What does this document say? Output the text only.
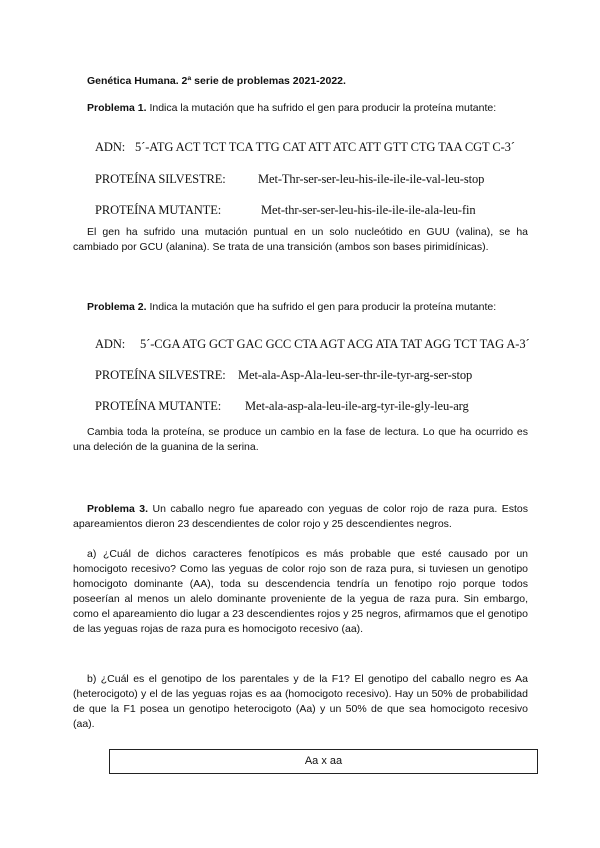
Genética Humana. 2ª serie de problemas 2021-2022.
Problema 1. Indica la mutación que ha sufrido el gen para producir la proteína mutante:
ADN: 5´-ATG ACT TCT TCA TTG CAT ATT ATC ATT GTT CTG TAA CGT C-3´
PROTEÍNA SILVESTRE:	Met-Thr-ser-ser-leu-his-ile-ile-ile-val-leu-stop
PROTEÍNA MUTANTE:	Met-thr-ser-ser-leu-his-ile-ile-ile-ala-leu-fin
El gen ha sufrido una mutación puntual en un solo nucleótido en GUU (valina), se ha cambiado por GCU (alanina). Se trata de una transición (ambos son bases pirimidínicas).
Problema 2. Indica la mutación que ha sufrido el gen para producir la proteína mutante:
ADN: 5´-CGA ATG GCT GAC GCC CTA AGT ACG ATA TAT AGG TCT TAG A-3´
PROTEÍNA SILVESTRE: Met-ala-Asp-Ala-leu-ser-thr-ile-tyr-arg-ser-stop
PROTEÍNA MUTANTE: Met-ala-asp-ala-leu-ile-arg-tyr-ile-gly-leu-arg
Cambia toda la proteína, se produce un cambio en la fase de lectura. Lo que ha ocurrido es una deleción de la guanina de la serina.
Problema 3. Un caballo negro fue apareado con yeguas de color rojo de raza pura. Estos apareamientos dieron 23 descendientes de color rojo y 25 descendientes negros.
a) ¿Cuál de dichos caracteres fenotípicos es más probable que esté causado por un homocigoto recesivo? Como las yeguas de color rojo son de raza pura, si tuviesen un genotipo homocigoto dominante (AA), toda su descendencia tendría un fenotipo rojo porque todos poseerían al menos un alelo dominante proveniente de la yegua de raza pura. Sin embargo, como el apareamiento dio lugar a 23 descendientes rojos y 25 negros, afirmamos que el genotipo de las yeguas rojas de raza pura es homocigoto recesivo (aa).
b) ¿Cuál es el genotipo de los parentales y de la F1? El genotipo del caballo negro es Aa (heterocigoto) y el de las yeguas rojas es aa (homocigoto recesivo). Hay un 50% de probabilidad de que la F1 posea un genotipo heterocigoto (Aa) y un 50% de que sea homocigoto recesivo (aa).
Aa x aa
